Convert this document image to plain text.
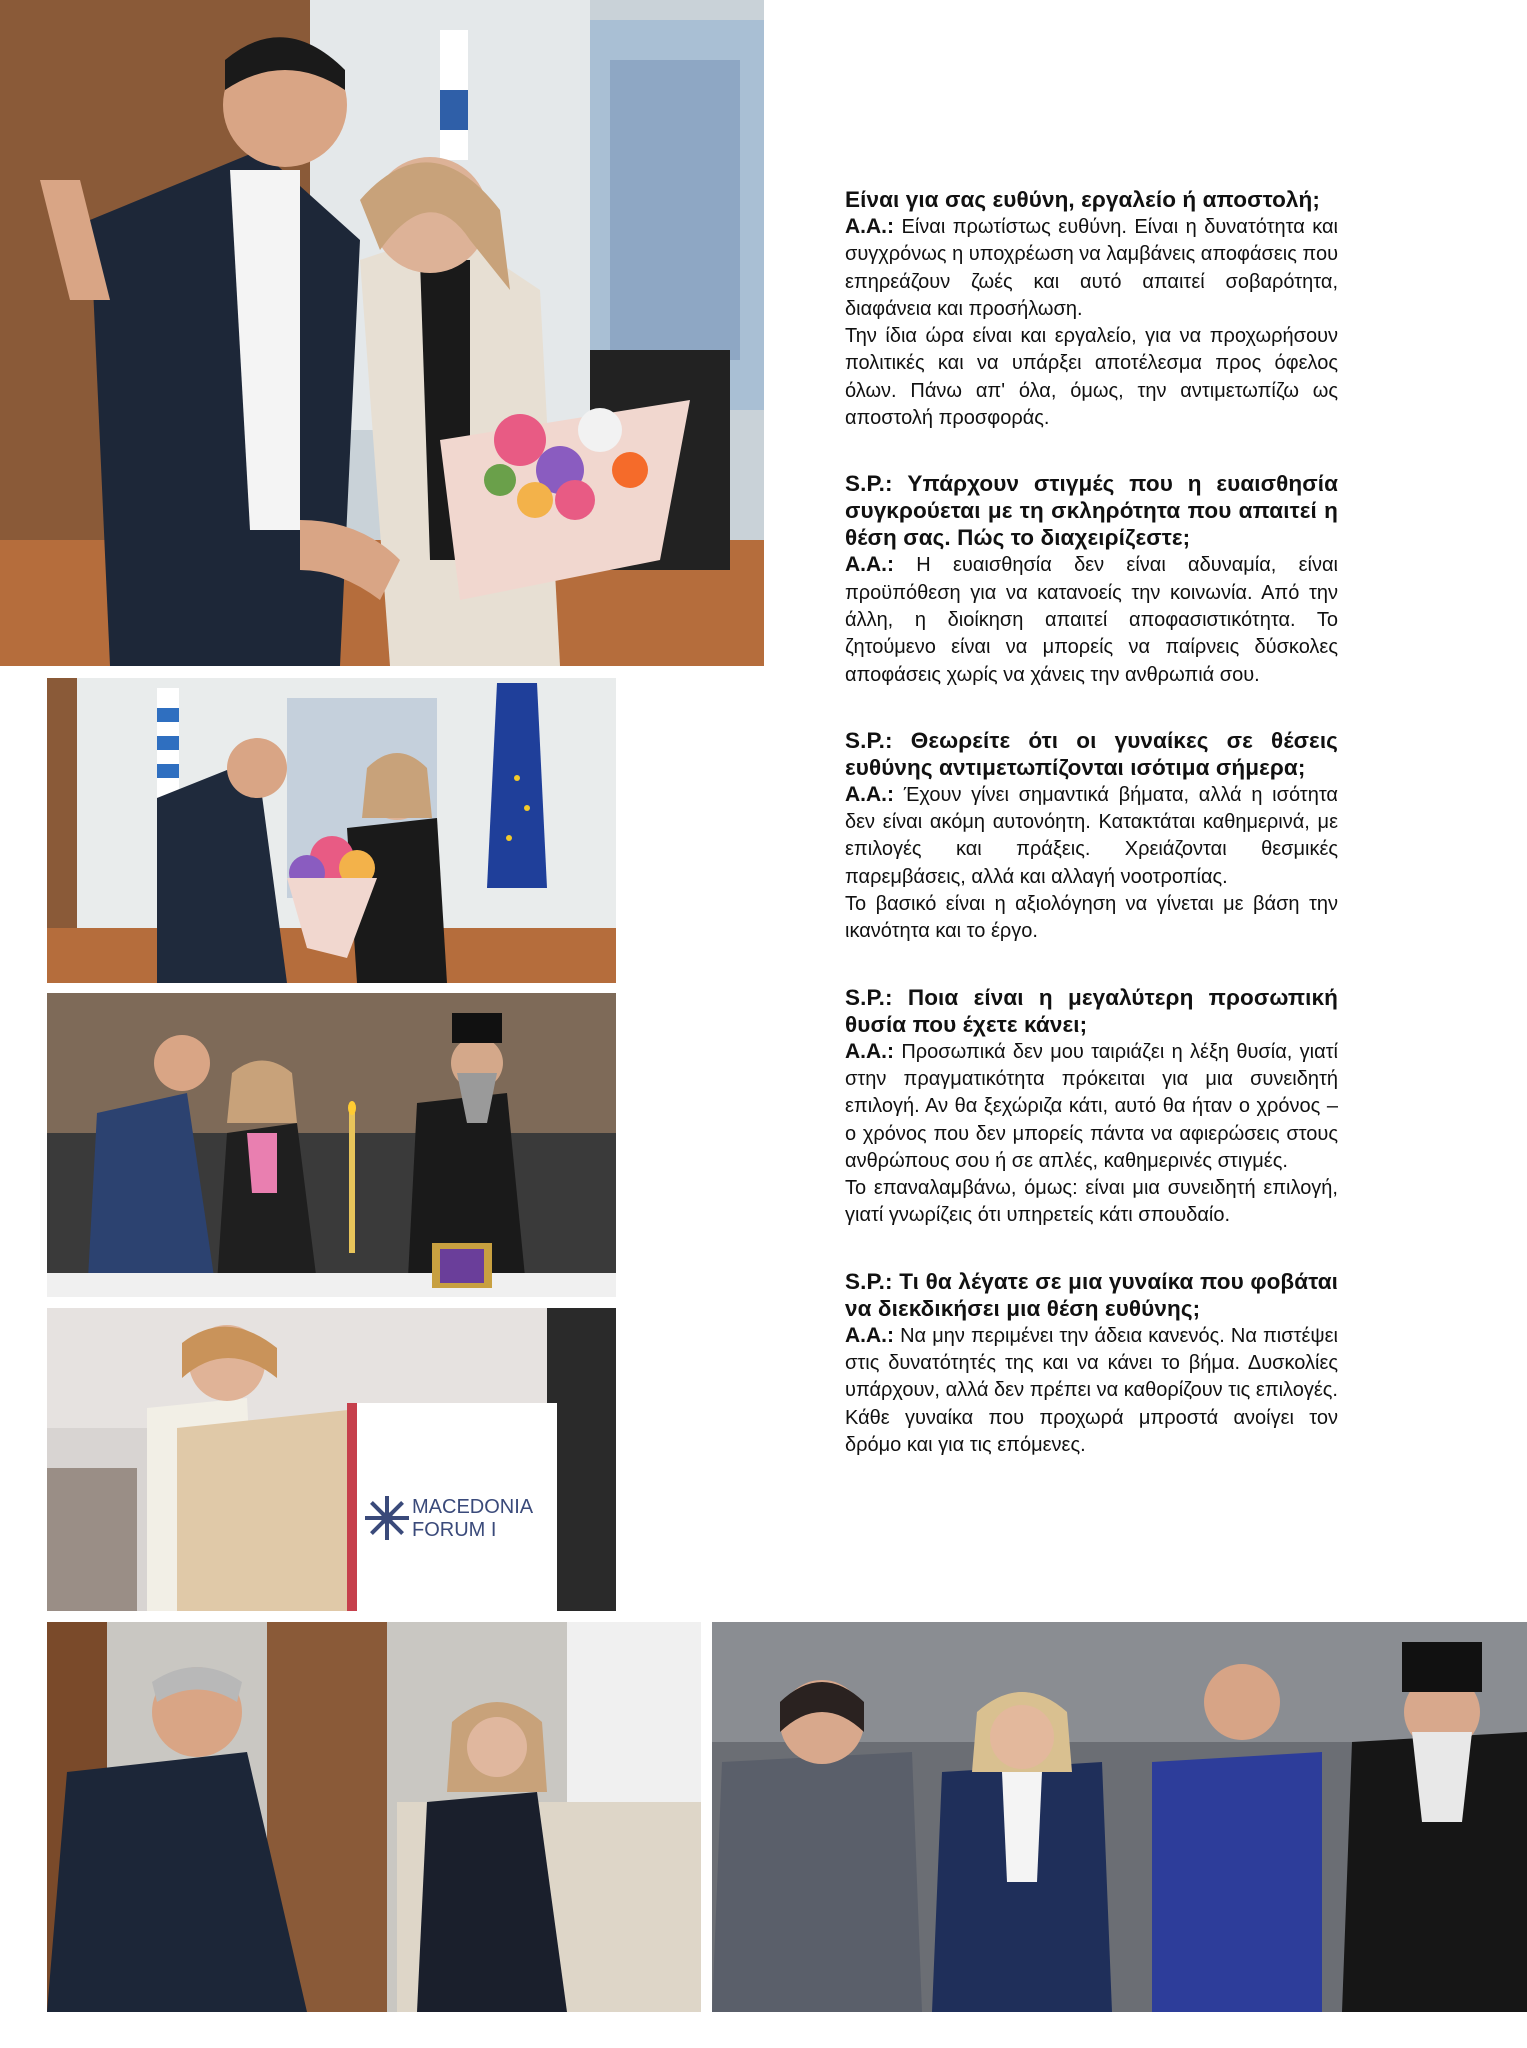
MACEDONIA
FORUM I

Είναι για σας ευθύνη, εργαλείο ή αποστολή;

Α.Α.: Είναι πρωτίστως ευθύνη. Είναι η δυνατότητα και συγχρόνως η υποχρέωση να λαμβάνεις αποφάσεις που επηρεάζουν ζωές και αυτό απαιτεί σοβαρότητα, διαφάνεια και προσήλωση.

Την ίδια ώρα είναι και εργαλείο, για να προχωρήσουν πολιτικές και να υπάρξει αποτέλεσμα προς όφελος όλων. Πάνω απ' όλα, όμως, την αντιμετωπίζω ως αποστολή προσφοράς.

S.P.: Υπάρχουν στιγμές που η ευαισθησία συγκρούεται με τη σκληρότητα που απαιτεί η θέση σας. Πώς το διαχειρίζεστε;

Α.Α.: Η ευαισθησία δεν είναι αδυναμία, είναι προϋπόθεση για να κατανοείς την κοινωνία. Από την άλλη, η διοίκηση απαιτεί αποφασιστικότητα. Το ζητούμενο είναι να μπορείς να παίρνεις δύσκολες αποφάσεις χωρίς να χάνεις την ανθρωπιά σου.

S.P.: Θεωρείτε ότι οι γυναίκες σε θέσεις ευθύνης αντιμετωπίζονται ισότιμα σήμερα;

Α.Α.: Έχουν γίνει σημαντικά βήματα, αλλά η ισότητα δεν είναι ακόμη αυτονόητη. Κατακτάται καθημερινά, με επιλογές και πράξεις. Χρειάζονται θεσμικές παρεμβάσεις, αλλά και αλλαγή νοοτροπίας.

Το βασικό είναι η αξιολόγηση να γίνεται με βάση την ικανότητα και το έργο.

S.P.: Ποια είναι η μεγαλύτερη προσωπική θυσία που έχετε κάνει;

Α.Α.: Προσωπικά δεν μου ταιριάζει η λέξη θυσία, γιατί στην πραγματικότητα πρόκειται για μια συνειδητή επιλογή. Αν θα ξεχώριζα κάτι, αυτό θα ήταν ο χρόνος – ο χρόνος που δεν μπορείς πάντα να αφιερώσεις στους ανθρώπους σου ή σε απλές, καθημερινές στιγμές.

Το επαναλαμβάνω, όμως: είναι μια συνειδητή επιλογή, γιατί γνωρίζεις ότι υπηρετείς κάτι σπουδαίο.

S.P.: Τι θα λέγατε σε μια γυναίκα που φοβάται να διεκδικήσει μια θέση ευθύνης;

Α.Α.: Να μην περιμένει την άδεια κανενός. Να πιστέψει στις δυνατότητές της και να κάνει το βήμα. Δυσκολίες υπάρχουν, αλλά δεν πρέπει να καθορίζουν τις επιλογές. Κάθε γυναίκα που προχωρά μπροστά ανοίγει τον δρόμο και για τις επόμενες.
